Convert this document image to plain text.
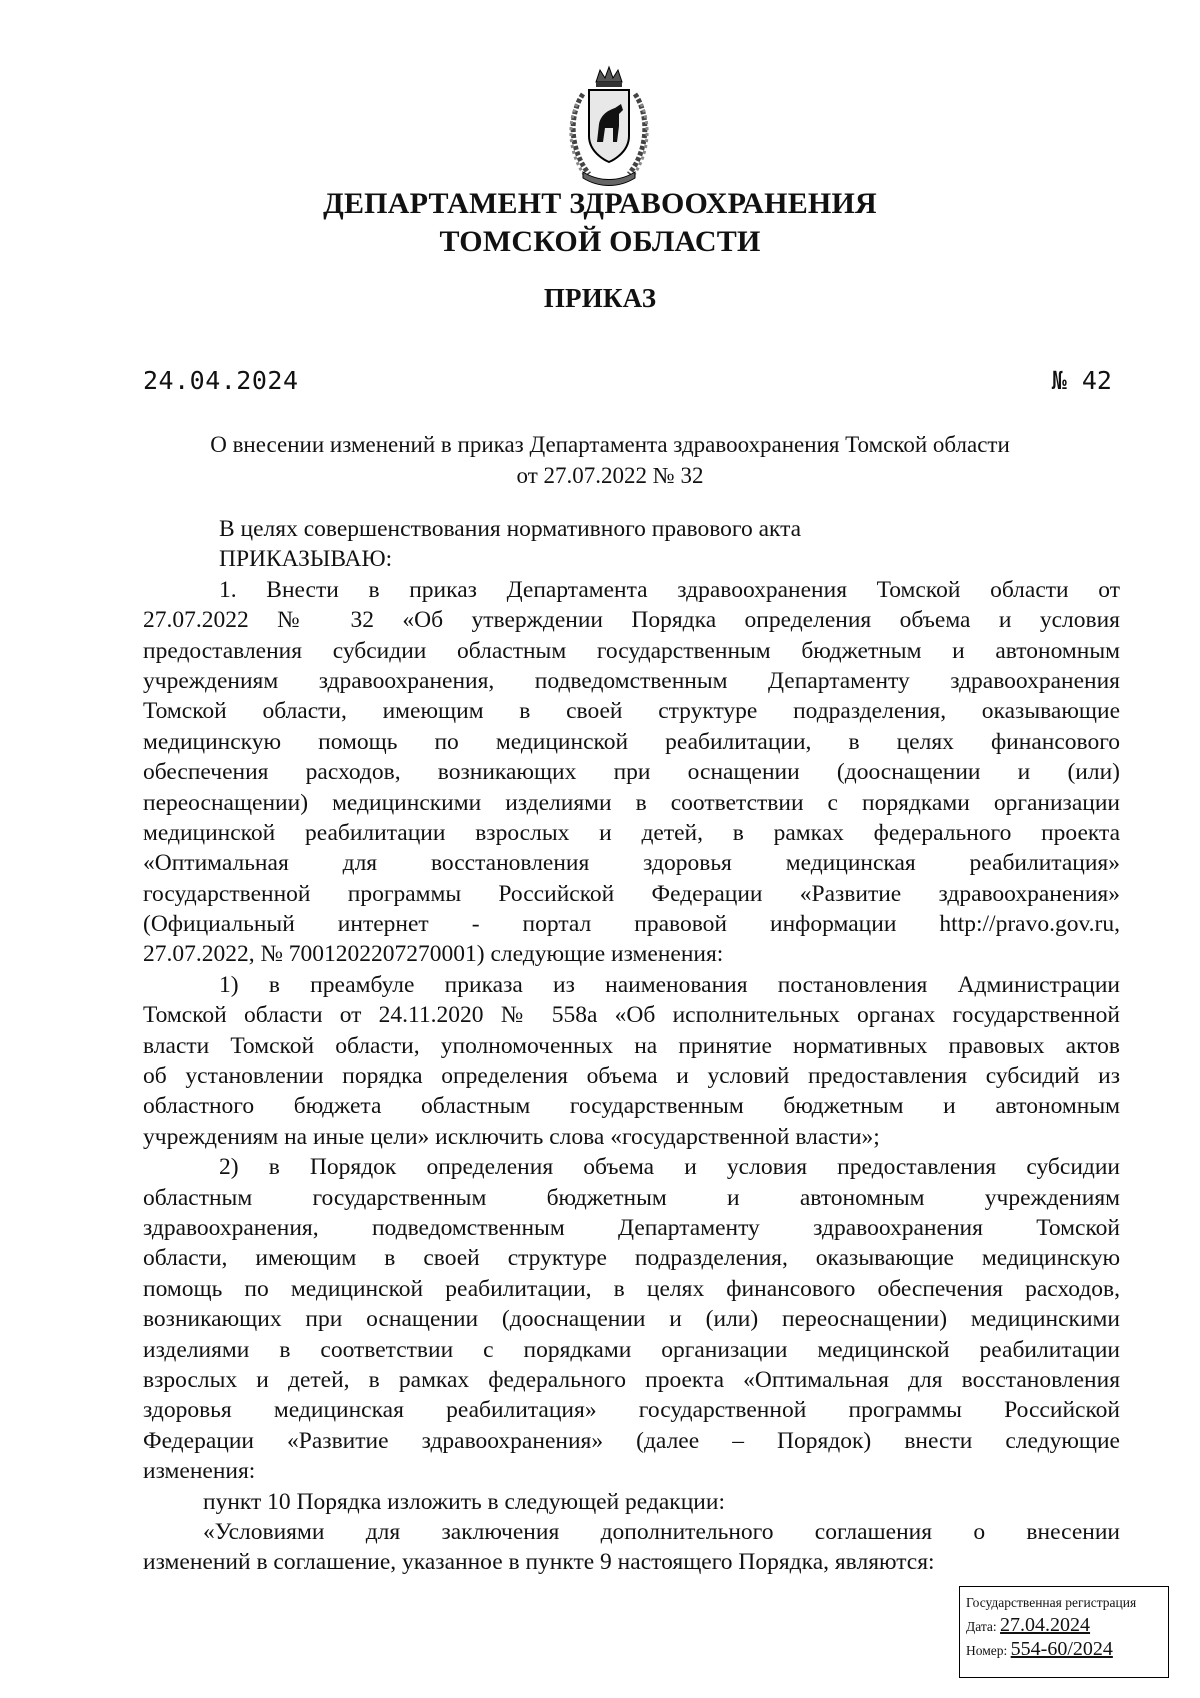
ДЕПАРТАМЕНТ ЗДРАВООХРАНЕНИЯ
ТОМСКОЙ ОБЛАСТИ
ПРИКАЗ
24.04.2024	№ 42
О внесении изменений в приказ Департамента здравоохранения Томской области
от 27.07.2022 № 32
В целях совершенствования нормативного правового акта
ПРИКАЗЫВАЮ:
1. Внести в приказ Департамента здравоохранения Томской области от
27.07.2022 № 32 «Об утверждении Порядка определения объема и условия
предоставления субсидии областным государственным бюджетным и автономным
учреждениям здравоохранения, подведомственным Департаменту здравоохранения
Томской области, имеющим в своей структуре подразделения, оказывающие
медицинскую помощь по медицинской реабилитации, в целях финансового
обеспечения расходов, возникающих при оснащении (дооснащении и (или)
переоснащении) медицинскими изделиями в соответствии с порядками организации
медицинской реабилитации взрослых и детей, в рамках федерального проекта
«Оптимальная для восстановления здоровья медицинская реабилитация»
государственной программы Российской Федерации «Развитие здравоохранения»
(Официальный интернет - портал правовой информации http://pravo.gov.ru,
27.07.2022, № 7001202207270001) следующие изменения:
1) в преамбуле приказа из наименования постановления Администрации
Томской области от 24.11.2020 № 558а «Об исполнительных органах государственной
власти Томской области, уполномоченных на принятие нормативных правовых актов
об установлении порядка определения объема и условий предоставления субсидий из
областного бюджета областным государственным бюджетным и автономным
учреждениям на иные цели» исключить слова «государственной власти»;
2) в Порядок определения объема и условия предоставления субсидии
областным государственным бюджетным и автономным учреждениям
здравоохранения, подведомственным Департаменту здравоохранения Томской
области, имеющим в своей структуре подразделения, оказывающие медицинскую
помощь по медицинской реабилитации, в целях финансового обеспечения расходов,
возникающих при оснащении (дооснащении и (или) переоснащении) медицинскими
изделиями в соответствии с порядками организации медицинской реабилитации
взрослых и детей, в рамках федерального проекта «Оптимальная для восстановления
здоровья медицинская реабилитация» государственной программы Российской
Федерации «Развитие здравоохранения» (далее – Порядок) внести следующие
изменения:
пункт 10 Порядка изложить в следующей редакции:
«Условиями для заключения дополнительного соглашения о внесении
изменений в соглашение, указанное в пункте 9 настоящего Порядка, являются:
Государственная регистрация
Дата: 27.04.2024
Номер: 554-60/2024
